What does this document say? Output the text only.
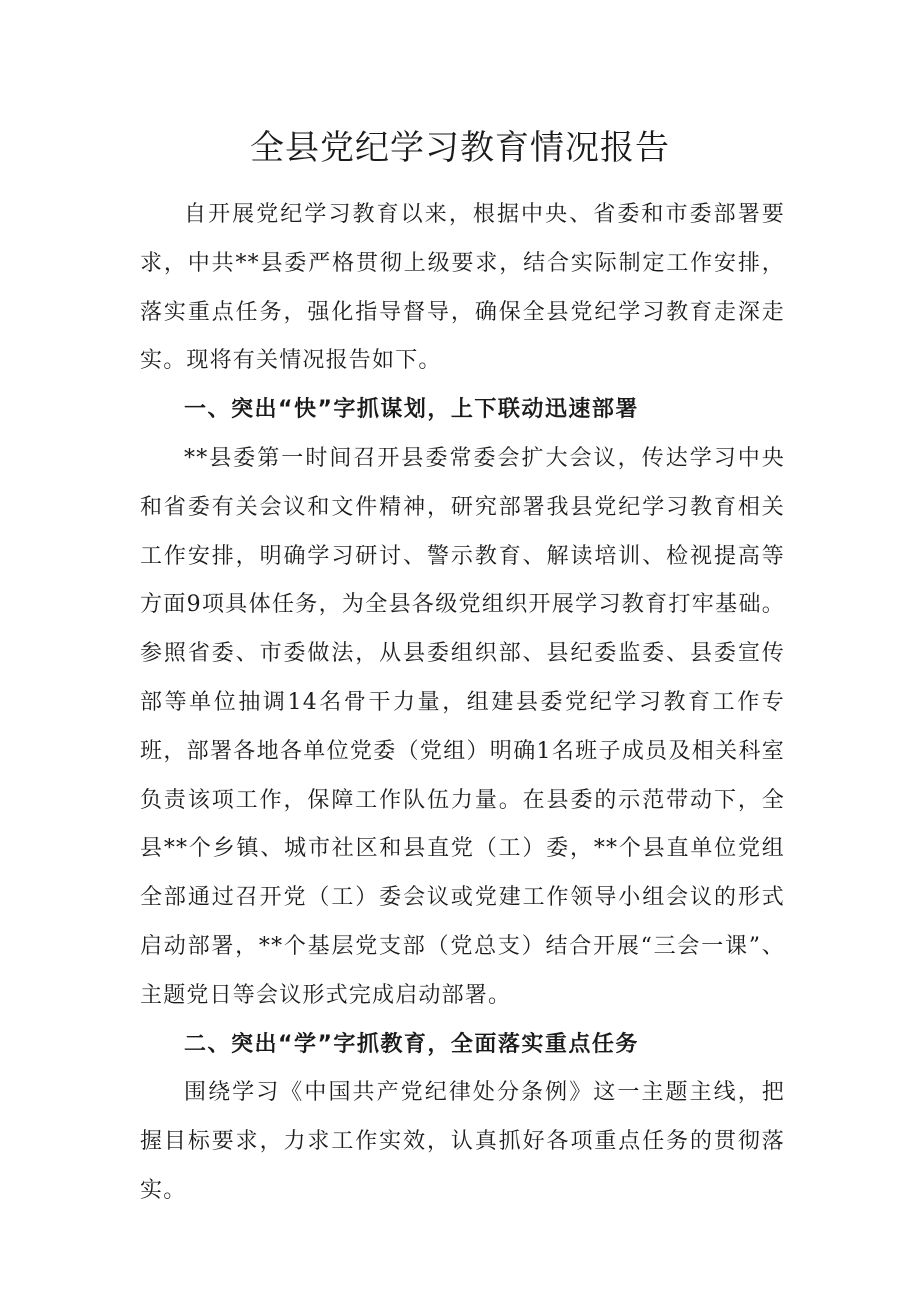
全县党纪学习教育情况报告

自开展党纪学习教育以来，根据中央、省委和市委部署要求，中共**县委严格贯彻上级要求，结合实际制定工作安排，落实重点任务，强化指导督导，确保全县党纪学习教育走深走实。现将有关情况报告如下。

一、突出“快”字抓谋划，上下联动迅速部署

**县委第一时间召开县委常委会扩大会议，传达学习中央和省委有关会议和文件精神，研究部署我县党纪学习教育相关工作安排，明确学习研讨、警示教育、解读培训、检视提高等方面9项具体任务，为全县各级党组织开展学习教育打牢基础。参照省委、市委做法，从县委组织部、县纪委监委、县委宣传部等单位抽调14名骨干力量，组建县委党纪学习教育工作专班，部署各地各单位党委（党组）明确1名班子成员及相关科室负责该项工作，保障工作队伍力量。在县委的示范带动下，全县**个乡镇、城市社区和县直党（工）委，**个县直单位党组全部通过召开党（工）委会议或党建工作领导小组会议的形式启动部署，**个基层党支部（党总支）结合开展“三会一课”、主题党日等会议形式完成启动部署。

二、突出“学”字抓教育，全面落实重点任务

围绕学习《中国共产党纪律处分条例》这一主题主线，把握目标要求，力求工作实效，认真抓好各项重点任务的贯彻落实。
